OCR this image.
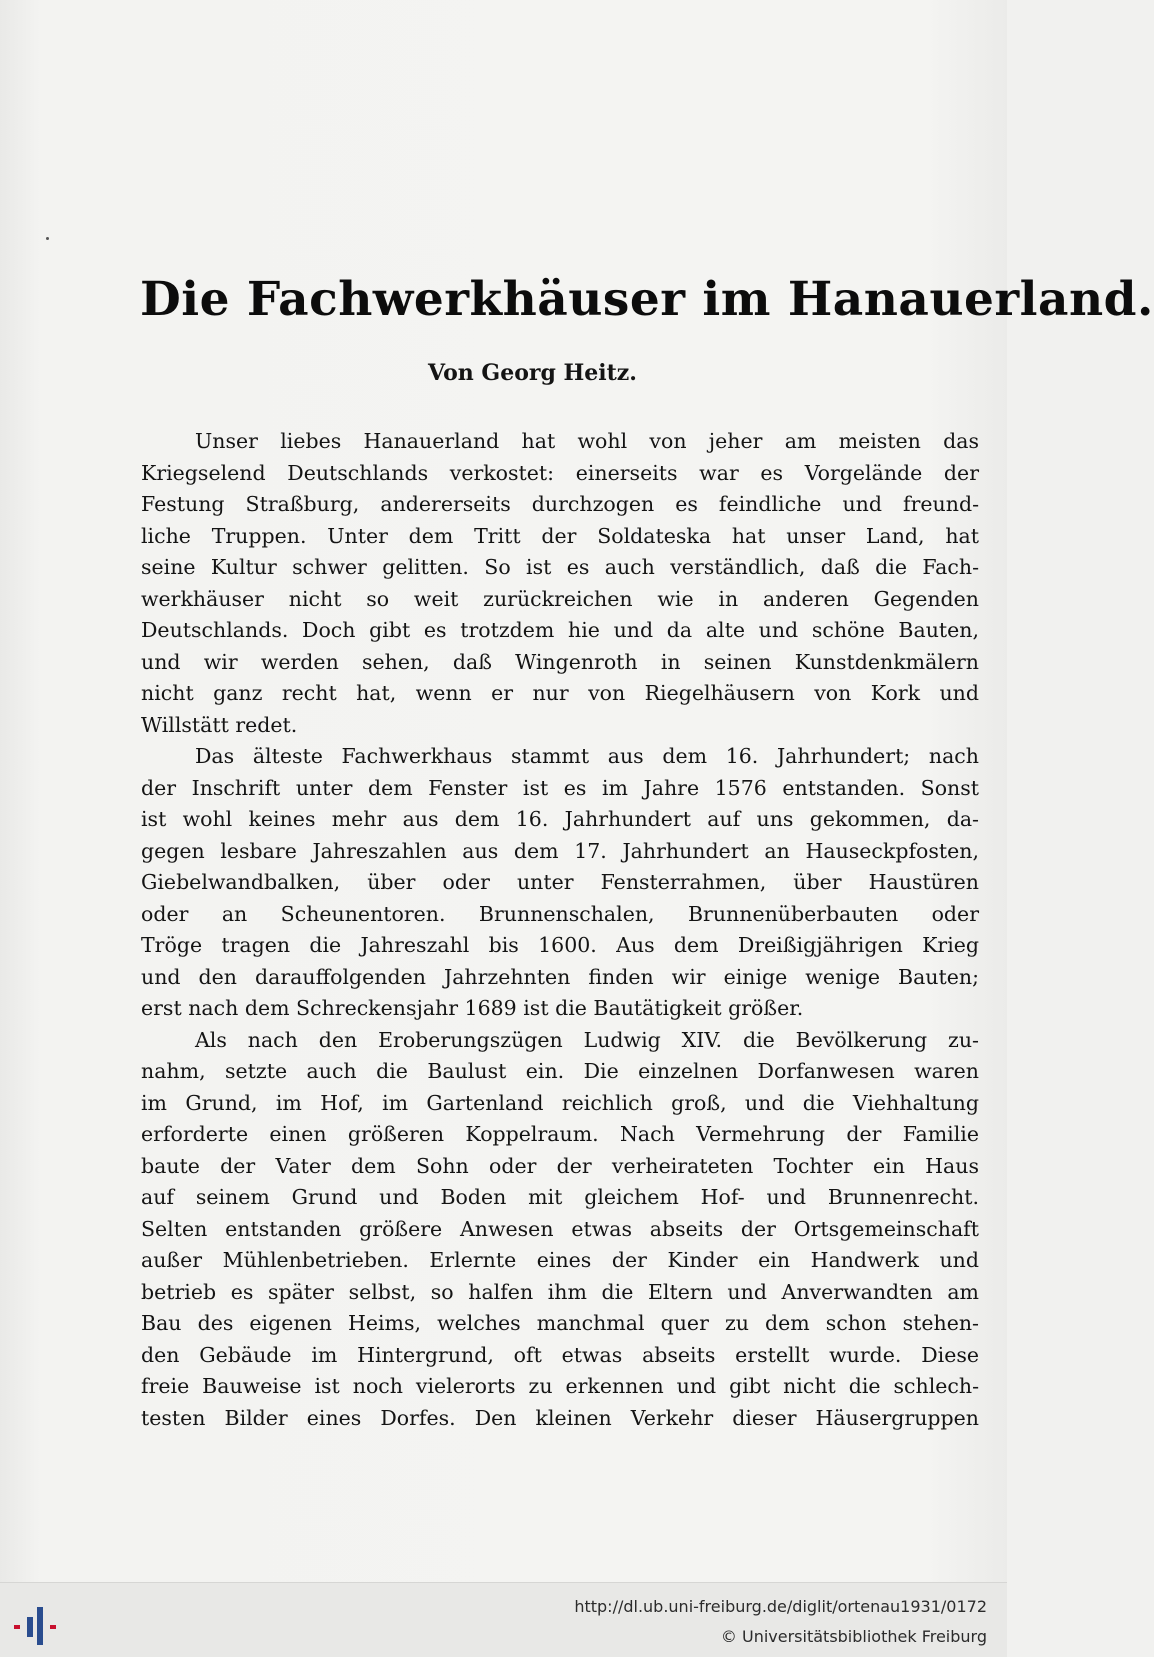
Die Fachwerkhäuser im Hanauerland.
Von Georg Heitz.
Unser liebes Hanauerland hat wohl von jeher am meisten das
Kriegselend Deutschlands verkostet: einerseits war es Vorgelände der
Festung Straßburg, andererseits durchzogen es feindliche und freund-
liche Truppen. Unter dem Tritt der Soldateska hat unser Land, hat
seine Kultur schwer gelitten. So ist es auch verständlich, daß die Fach-
werkhäuser nicht so weit zurückreichen wie in anderen Gegenden
Deutschlands. Doch gibt es trotzdem hie und da alte und schöne Bauten,
und wir werden sehen, daß Wingenroth in seinen Kunstdenkmälern
nicht ganz recht hat, wenn er nur von Riegelhäusern von Kork und
Willstätt redet.
Das älteste Fachwerkhaus stammt aus dem 16. Jahrhundert; nach
der Inschrift unter dem Fenster ist es im Jahre 1576 entstanden. Sonst
ist wohl keines mehr aus dem 16. Jahrhundert auf uns gekommen, da-
gegen lesbare Jahreszahlen aus dem 17. Jahrhundert an Hauseckpfosten,
Giebelwandbalken, über oder unter Fensterrahmen, über Haustüren
oder an Scheunentoren. Brunnenschalen, Brunnenüberbauten oder
Tröge tragen die Jahreszahl bis 1600. Aus dem Dreißigjährigen Krieg
und den darauffolgenden Jahrzehnten finden wir einige wenige Bauten;
erst nach dem Schreckensjahr 1689 ist die Bautätigkeit größer.
Als nach den Eroberungszügen Ludwig XIV. die Bevölkerung zu-
nahm, setzte auch die Baulust ein. Die einzelnen Dorfanwesen waren
im Grund, im Hof, im Gartenland reichlich groß, und die Viehhaltung
erforderte einen größeren Koppelraum. Nach Vermehrung der Familie
baute der Vater dem Sohn oder der verheirateten Tochter ein Haus
auf seinem Grund und Boden mit gleichem Hof- und Brunnenrecht.
Selten entstanden größere Anwesen etwas abseits der Ortsgemeinschaft
außer Mühlenbetrieben. Erlernte eines der Kinder ein Handwerk und
betrieb es später selbst, so halfen ihm die Eltern und Anverwandten am
Bau des eigenen Heims, welches manchmal quer zu dem schon stehen-
den Gebäude im Hintergrund, oft etwas abseits erstellt wurde. Diese
freie Bauweise ist noch vielerorts zu erkennen und gibt nicht die schlech-
testen Bilder eines Dorfes. Den kleinen Verkehr dieser Häusergruppen
http://dl.ub.uni-freiburg.de/diglit/ortenau1931/0172
© Universitätsbibliothek Freiburg
